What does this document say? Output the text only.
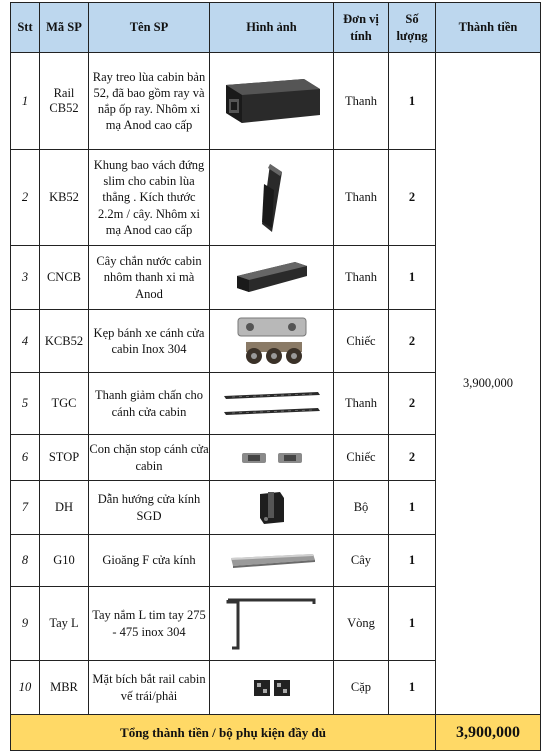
Stt	Mã SP	Tên SP	Hình ảnh	Đơn vị tính	Số lượng	Thành tiền
1	Rail CB52	Ray treo lùa cabin bản 52, đã bao gồm ray và nắp ốp ray. Nhôm xi mạ Anod cao cấp		Thanh	1	3,900,000
2	KB52	Khung bao vách đứng slim cho cabin lùa thẳng . Kích thước 2.2m / cây. Nhôm xi mạ Anod cao cấp		Thanh	2	
3	CNCB	Cây chắn nước cabin nhôm thanh xi mà Anod		Thanh	1	
4	KCB52	Kẹp bánh xe cánh cửa cabin Inox 304		Chiếc	2	
5	TGC	Thanh giảm chấn cho cánh cửa cabin		Thanh	2	
6	STOP	Con chặn stop cánh cửa cabin		Chiếc	2	
7	DH	Dẫn hướng cửa kính SGD		Bộ	1	
8	G10	Gioăng F cửa kính		Cây	1	
9	Tay L	Tay nắm L tim tay 275 - 475 inox 304		Vòng	1	
10	MBR	Mặt bích bắt rail cabin vế trái/phải		Cặp	1	
Tổng thành tiền / bộ phụ kiện đầy đủ						3,900,000
